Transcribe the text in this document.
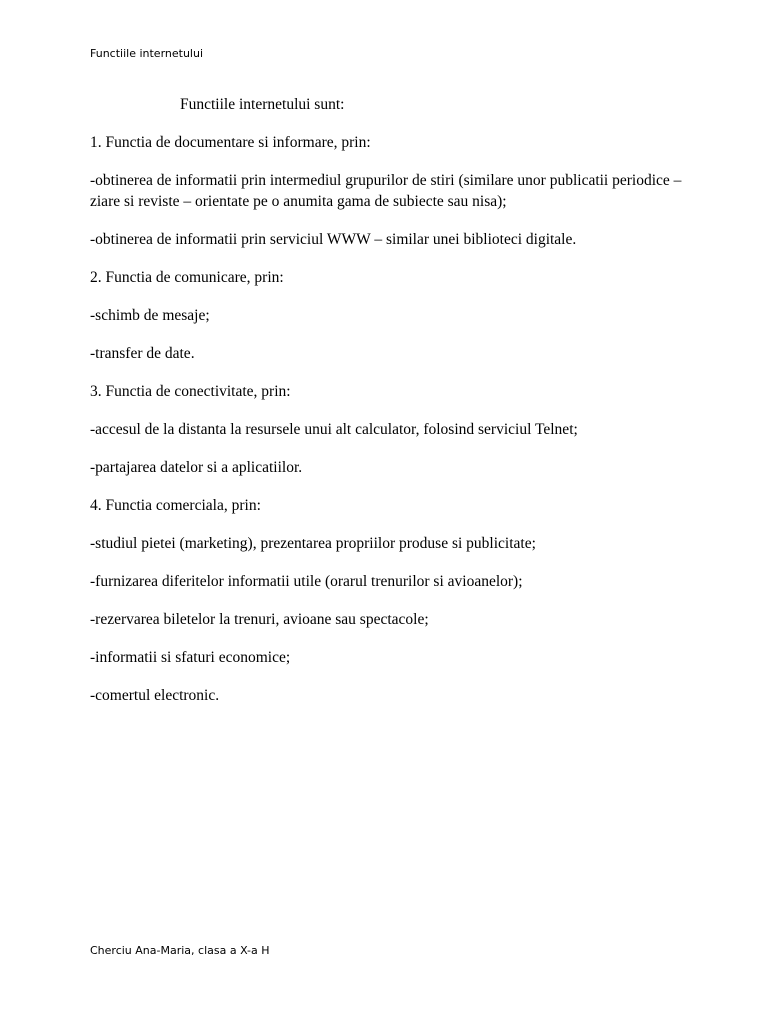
Functiile internetului

Functiile internetului sunt:

1. Functia de documentare si informare, prin:

-obtinerea de informatii prin intermediul grupurilor de stiri (similare unor publicatii periodice – ziare si reviste – orientate pe o anumita gama de subiecte sau nisa);

-obtinerea de informatii prin serviciul WWW – similar unei biblioteci digitale.

2. Functia de comunicare, prin:

-schimb de mesaje;

-transfer de date.

3. Functia de conectivitate, prin:

-accesul de la distanta la resursele unui alt calculator, folosind serviciul Telnet;

-partajarea datelor si a aplicatiilor.

4. Functia comerciala, prin:

-studiul pietei (marketing), prezentarea propriilor produse si publicitate;

-furnizarea diferitelor informatii utile (orarul trenurilor si avioanelor);

-rezervarea biletelor la trenuri, avioane sau spectacole;

-informatii si sfaturi economice;

-comertul electronic.

Cherciu Ana-Maria, clasa a X-a H
